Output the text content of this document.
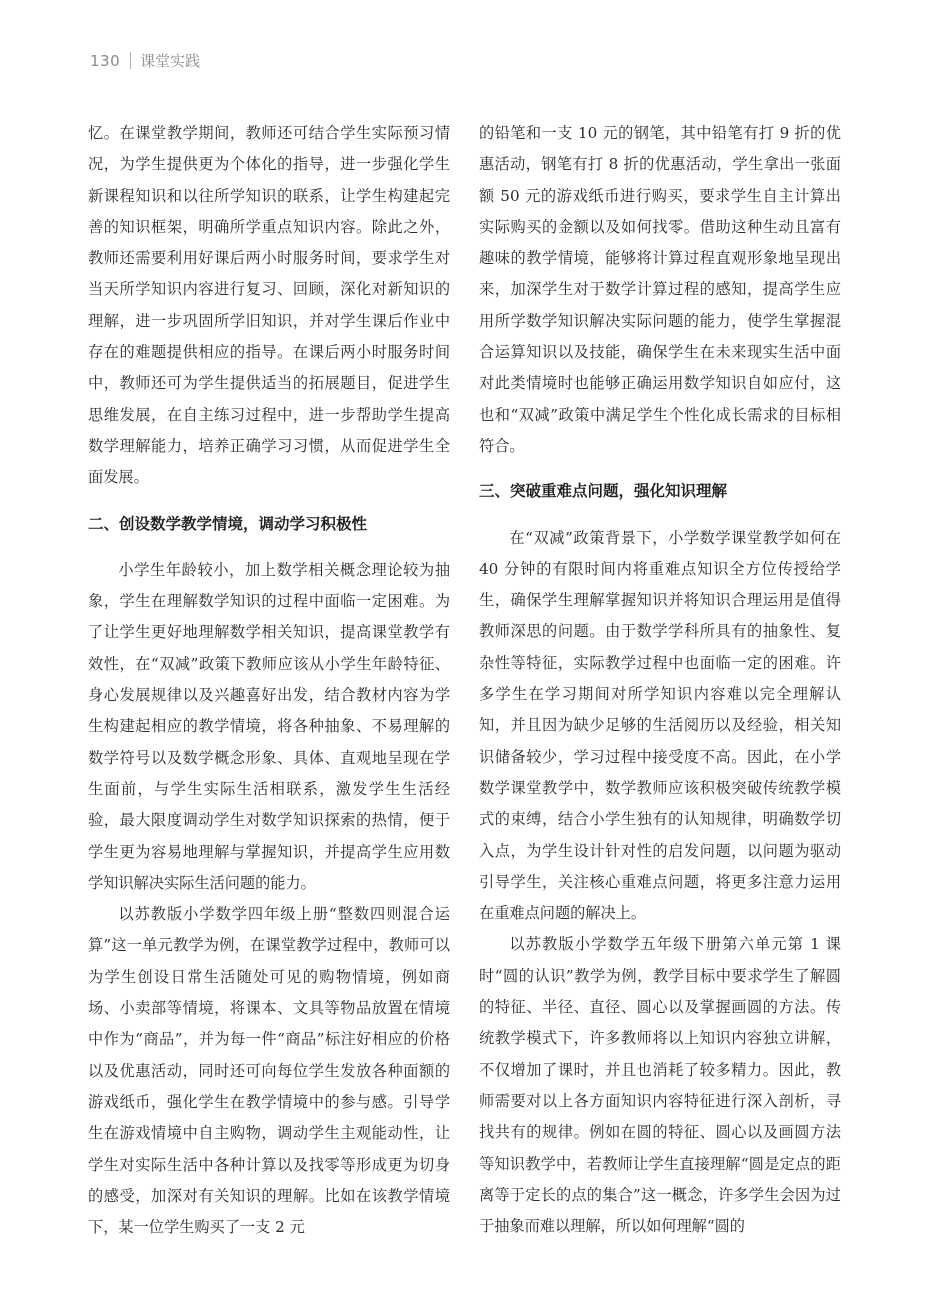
130 课堂实践

忆。在课堂教学期间，教师还可结合学生实际预习情况，为学生提供更为个体化的指导，进一步强化学生新课程知识和以往所学知识的联系，让学生构建起完善的知识框架，明确所学重点知识内容。除此之外，教师还需要利用好课后两小时服务时间，要求学生对当天所学知识内容进行复习、回顾，深化对新知识的理解，进一步巩固所学旧知识，并对学生课后作业中存在的难题提供相应的指导。在课后两小时服务时间中，教师还可为学生提供适当的拓展题目，促进学生思维发展，在自主练习过程中，进一步帮助学生提高数学理解能力，培养正确学习习惯，从而促进学生全面发展。

二、创设数学教学情境，调动学习积极性

小学生年龄较小，加上数学相关概念理论较为抽象，学生在理解数学知识的过程中面临一定困难。为了让学生更好地理解数学相关知识，提高课堂教学有效性，在“双减”政策下教师应该从小学生年龄特征、身心发展规律以及兴趣喜好出发，结合教材内容为学生构建起相应的教学情境，将各种抽象、不易理解的数学符号以及数学概念形象、具体、直观地呈现在学生面前，与学生实际生活相联系，激发学生生活经验，最大限度调动学生对数学知识探索的热情，便于学生更为容易地理解与掌握知识，并提高学生应用数学知识解决实际生活问题的能力。

以苏教版小学数学四年级上册“整数四则混合运算”这一单元教学为例，在课堂教学过程中，教师可以为学生创设日常生活随处可见的购物情境，例如商场、小卖部等情境，将课本、文具等物品放置在情境中作为“商品”，并为每一件“商品”标注好相应的价格以及优惠活动，同时还可向每位学生发放各种面额的游戏纸币，强化学生在教学情境中的参与感。引导学生在游戏情境中自主购物，调动学生主观能动性，让学生对实际生活中各种计算以及找零等形成更为切身的感受，加深对有关知识的理解。比如在该教学情境下，某一位学生购买了一支 2 元

的铅笔和一支 10 元的钢笔，其中铅笔有打 9 折的优惠活动，钢笔有打 8 折的优惠活动，学生拿出一张面额 50 元的游戏纸币进行购买，要求学生自主计算出实际购买的金额以及如何找零。借助这种生动且富有趣味的教学情境，能够将计算过程直观形象地呈现出来，加深学生对于数学计算过程的感知，提高学生应用所学数学知识解决实际问题的能力，使学生掌握混合运算知识以及技能，确保学生在未来现实生活中面对此类情境时也能够正确运用数学知识自如应付，这也和“双减”政策中满足学生个性化成长需求的目标相符合。

三、突破重难点问题，强化知识理解

在“双减”政策背景下，小学数学课堂教学如何在 40 分钟的有限时间内将重难点知识全方位传授给学生，确保学生理解掌握知识并将知识合理运用是值得教师深思的问题。由于数学学科所具有的抽象性、复杂性等特征，实际教学过程中也面临一定的困难。许多学生在学习期间对所学知识内容难以完全理解认知，并且因为缺少足够的生活阅历以及经验，相关知识储备较少，学习过程中接受度不高。因此，在小学数学课堂教学中，数学教师应该积极突破传统教学模式的束缚，结合小学生独有的认知规律，明确数学切入点，为学生设计针对性的启发问题，以问题为驱动引导学生，关注核心重难点问题，将更多注意力运用在重难点问题的解决上。

以苏教版小学数学五年级下册第六单元第 1 课时“圆的认识”教学为例，教学目标中要求学生了解圆的特征、半径、直径、圆心以及掌握画圆的方法。传统教学模式下，许多教师将以上知识内容独立讲解，不仅增加了课时，并且也消耗了较多精力。因此，教师需要对以上各方面知识内容特征进行深入剖析，寻找共有的规律。例如在圆的特征、圆心以及画圆方法等知识教学中，若教师让学生直接理解“圆是定点的距离等于定长的点的集合”这一概念，许多学生会因为过于抽象而难以理解，所以如何理解“圆的
